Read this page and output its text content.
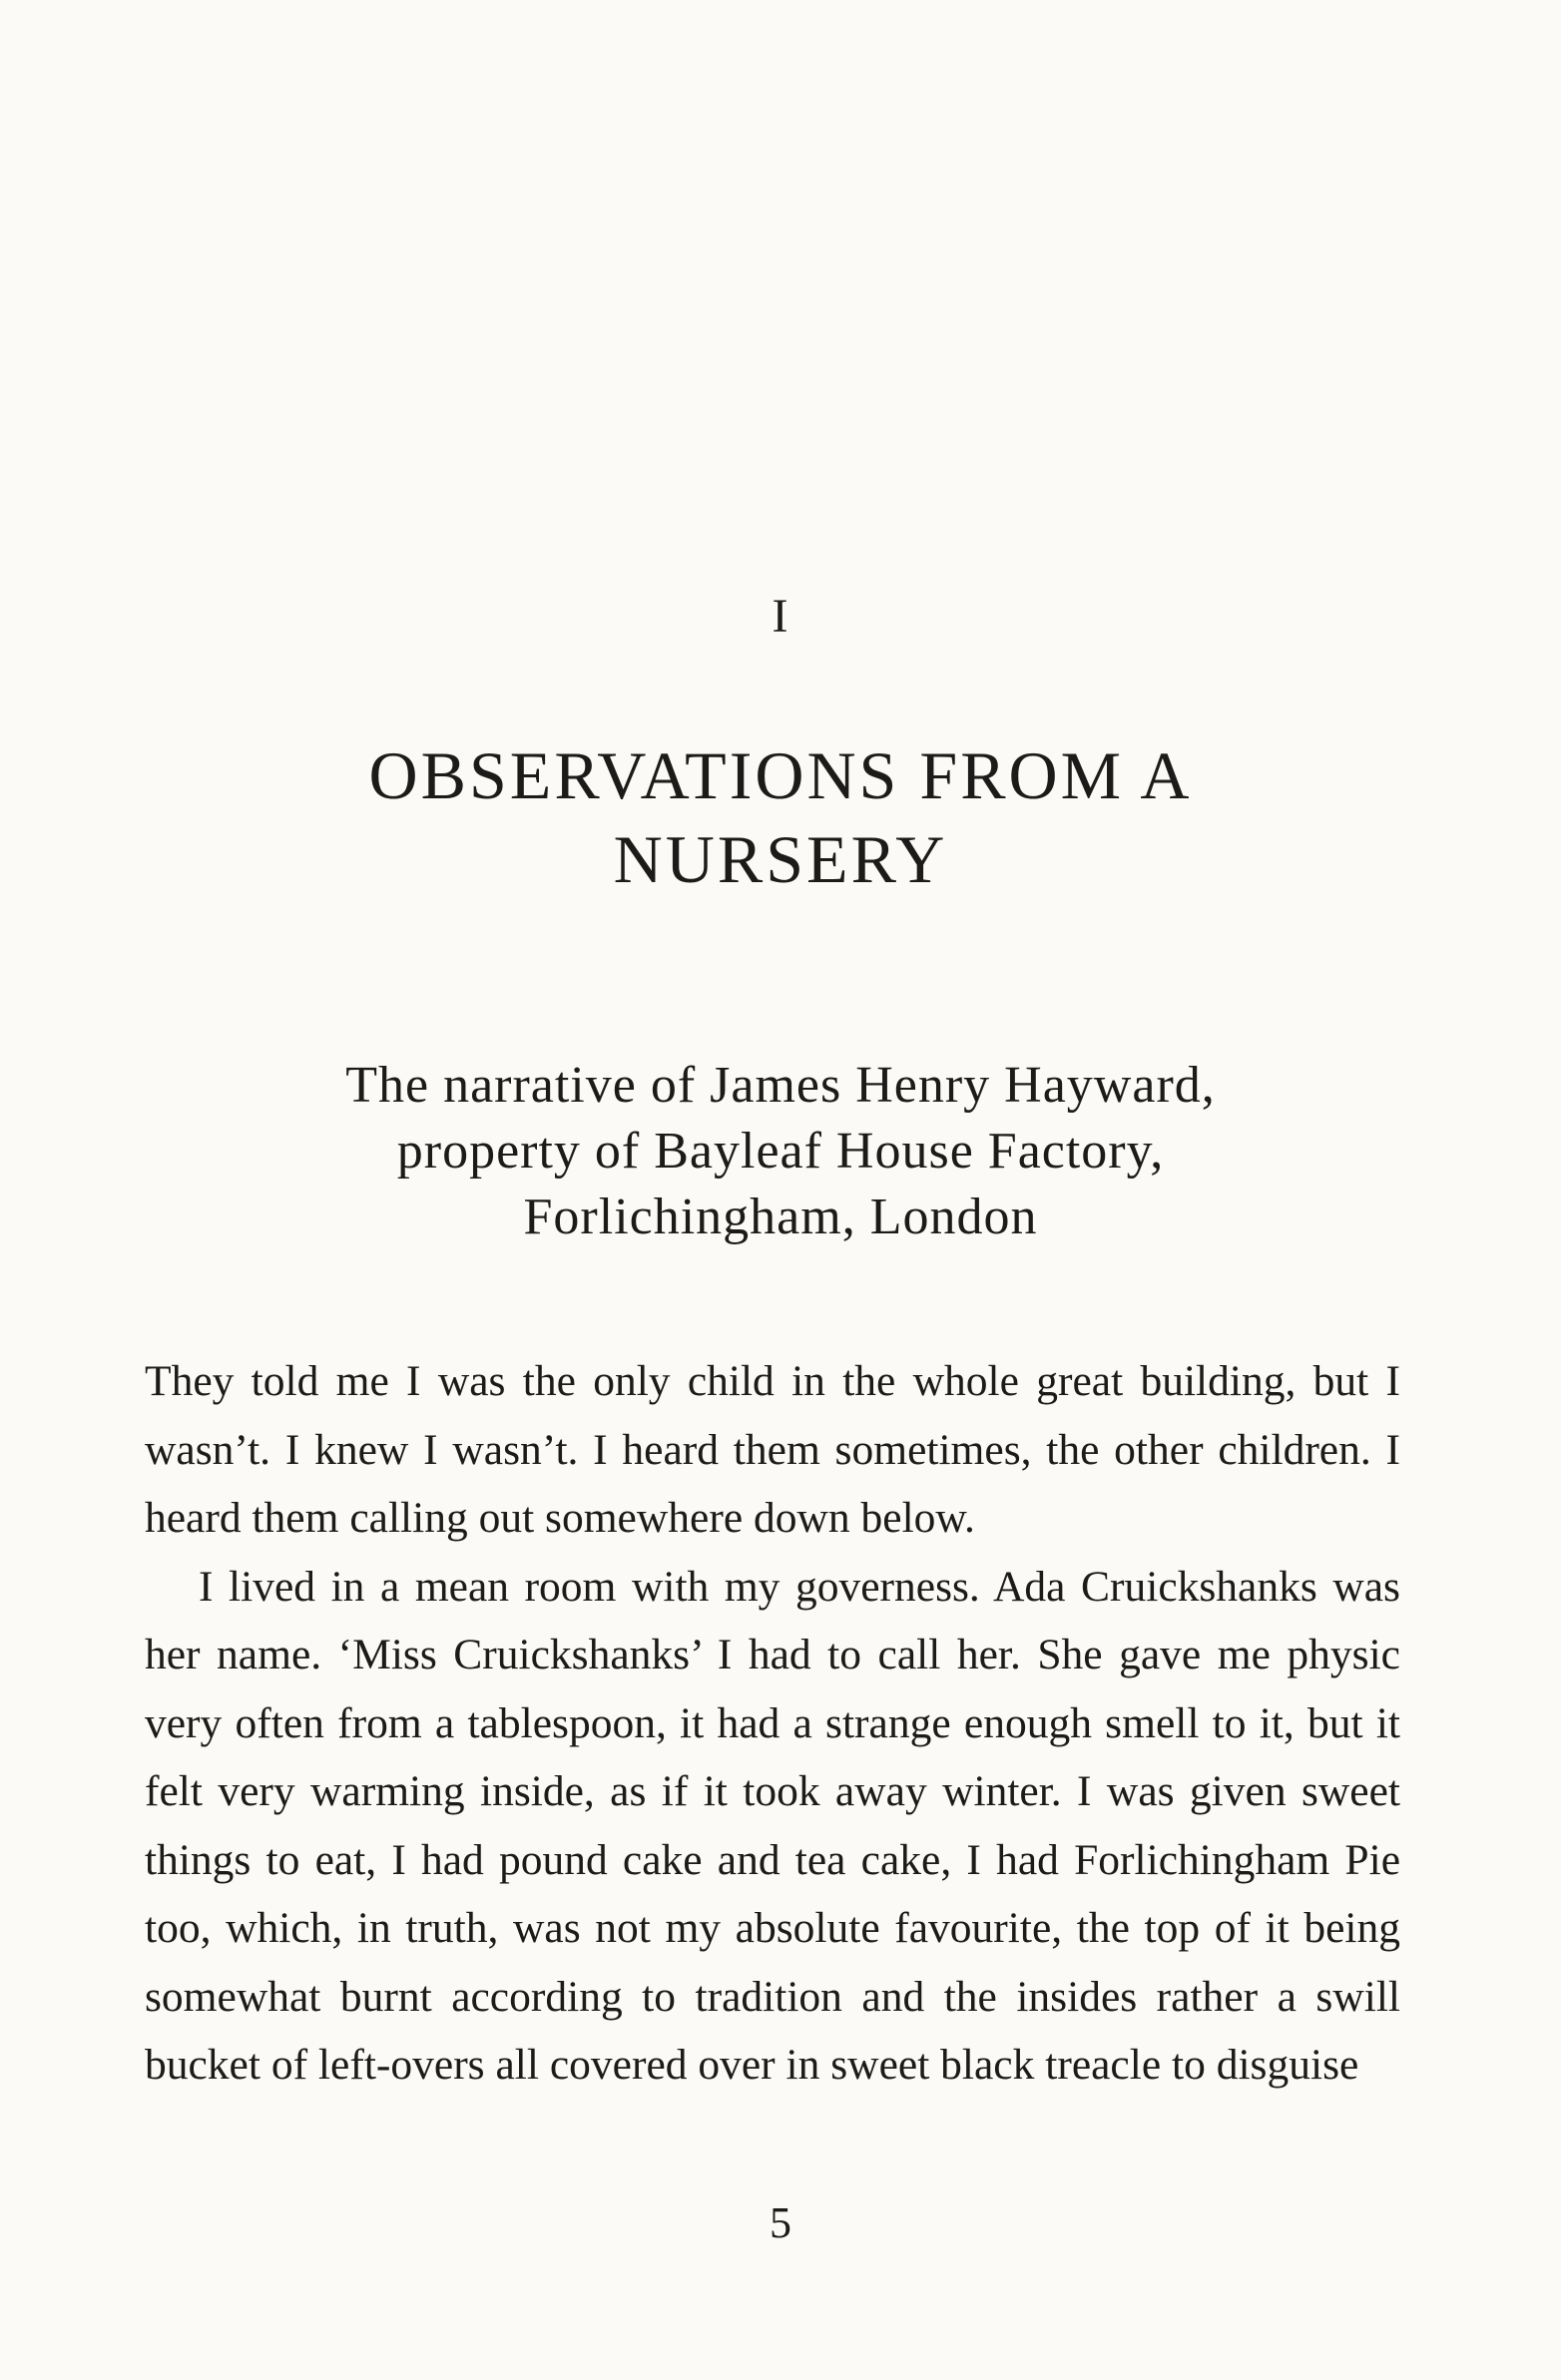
I
OBSERVATIONS FROM A
NURSERY
The narrative of James Henry Hayward,
property of Bayleaf House Factory,
Forlichingham, London

They told me I was the only child in the whole great building, but I wasn’t. I knew I wasn’t. I heard them sometimes, the other children. I heard them calling out somewhere down below.

I lived in a mean room with my governess. Ada Cruickshanks was her name. ‘Miss Cruickshanks’ I had to call her. She gave me physic very often from a tablespoon, it had a strange enough smell to it, but it felt very warming inside, as if it took away winter. I was given sweet things to eat, I had pound cake and tea cake, I had Forlichingham Pie too, which, in truth, was not my absolute favourite, the top of it being somewhat burnt according to tradition and the insides rather a swill bucket of left-overs all covered over in sweet black treacle to disguise

5
